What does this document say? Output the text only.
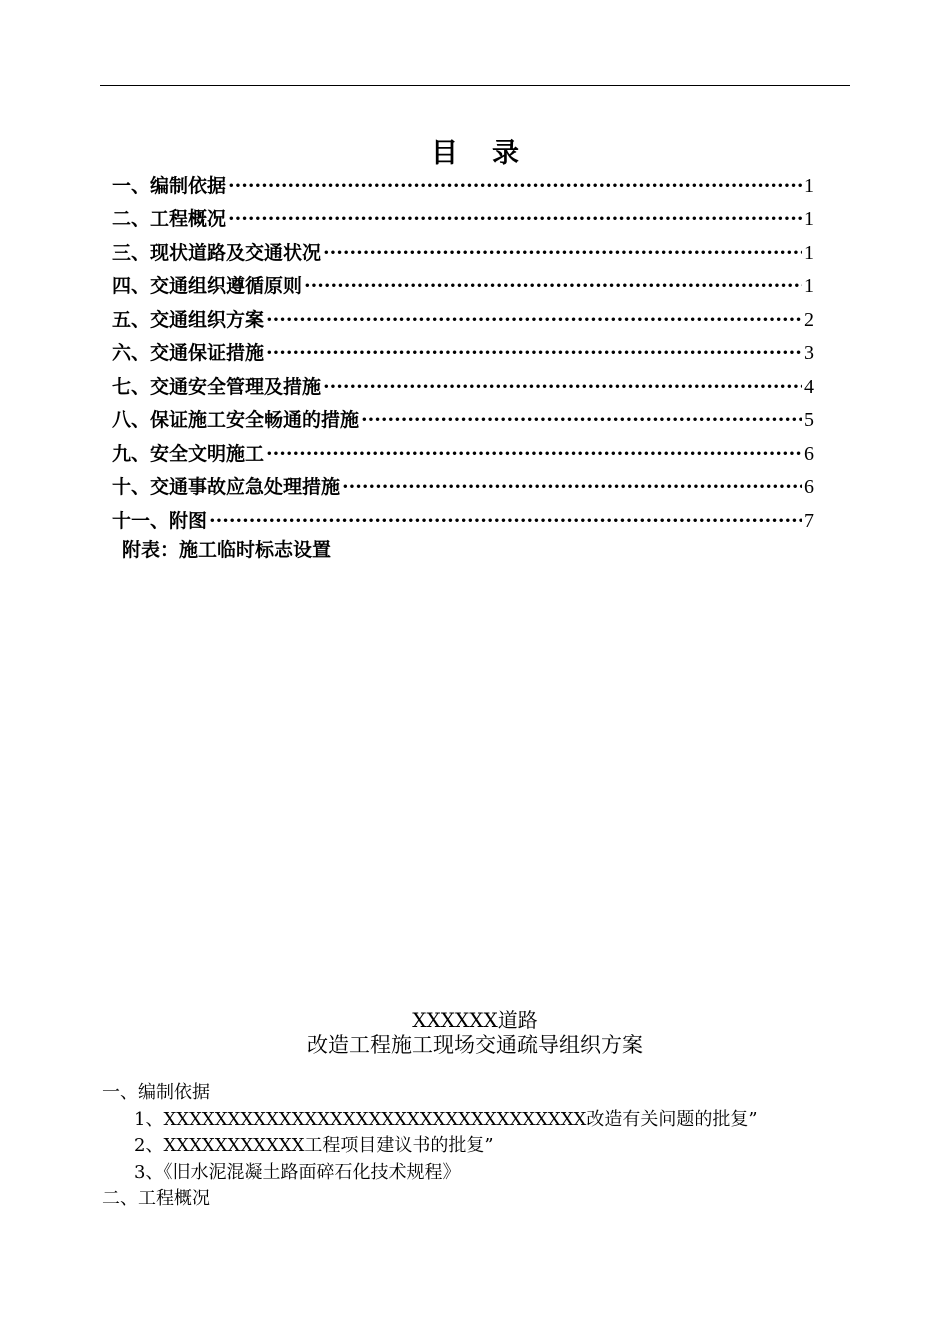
目录
一、编制依据 ·····	1
二、工程概况 ·····	1
三、现状道路及交通状况 ·····	1
四、交通组织遵循原则 ·····	1
五、交通组织方案 ·····	2
六、交通保证措施 ·····	3
七、交通安全管理及措施 ·····	4
八、保证施工安全畅通的措施 ·····	5
九、安全文明施工 ·····	6
十、交通事故应急处理措施 ·····	6
十一、附图 ·····	7
附表：施工临时标志设置
XXXXXX道路
改造工程施工现场交通疏导组织方案
一、编制依据
1、XXXXXXXXXXXXXXXXXXXXXXXXXXXXXXXXX改造有关问题的批复”
2、XXXXXXXXXXX工程项目建议书的批复”
3、《旧水泥混凝土路面碎石化技术规程》
二、工程概况
